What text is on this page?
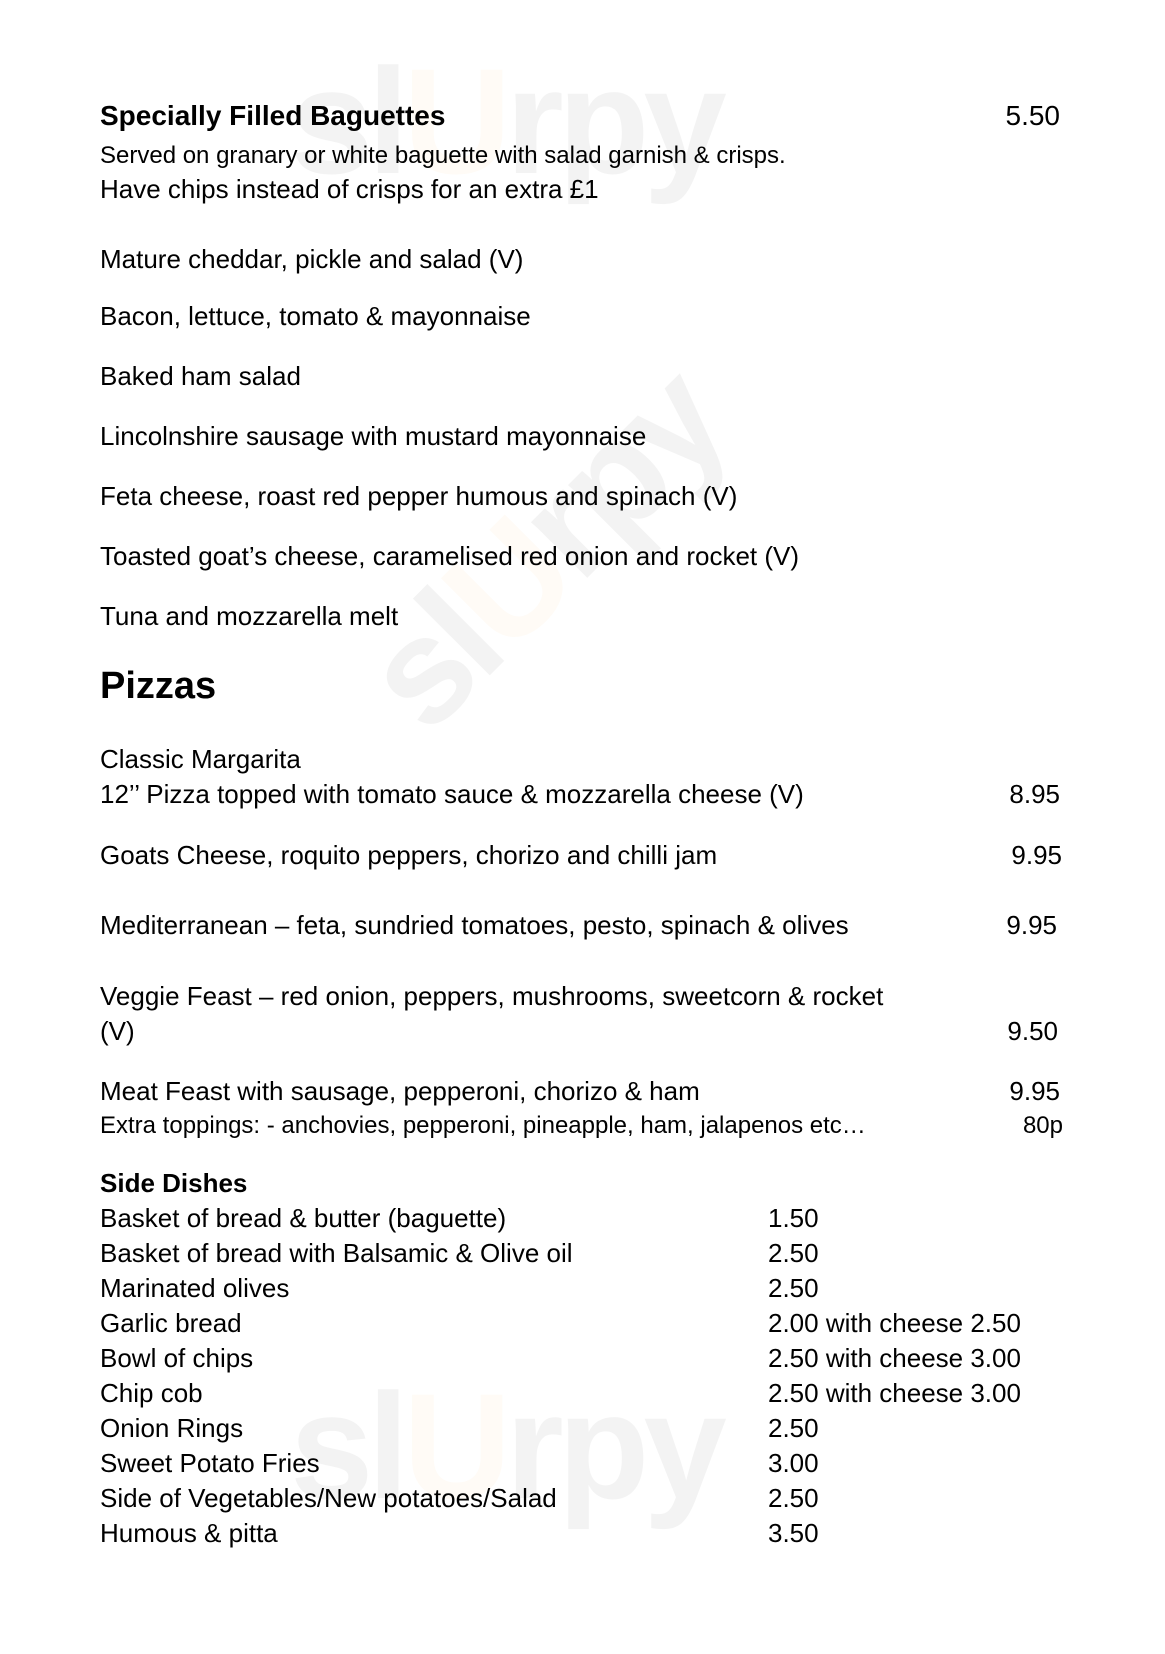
Specially Filled Baguettes	5.50
Served on granary or white baguette with salad garnish & crisps.
Have chips instead of crisps for an extra £1
Mature cheddar, pickle and salad (V)
Bacon, lettuce, tomato & mayonnaise
Baked ham salad
Lincolnshire sausage with mustard mayonnaise
Feta cheese, roast red pepper humous and spinach (V)
Toasted goat’s cheese, caramelised red onion and rocket (V)
Tuna and mozzarella melt
Pizzas
Classic Margarita
12’’ Pizza topped with tomato sauce & mozzarella cheese (V)	8.95
Goats Cheese, roquito peppers, chorizo and chilli jam	9.95
Mediterranean – feta, sundried tomatoes, pesto, spinach & olives	9.95
Veggie Feast – red onion, peppers, mushrooms, sweetcorn & rocket
(V)	9.50
Meat Feast with sausage, pepperoni, chorizo & ham	9.95
Extra toppings: - anchovies, pepperoni, pineapple, ham, jalapenos etc…	80p
Side Dishes
Basket of bread & butter (baguette)	1.50
Basket of bread with Balsamic & Olive oil	2.50
Marinated olives	2.50
Garlic bread	2.00 with cheese 2.50
Bowl of chips	2.50 with cheese 3.00
Chip cob	2.50 with cheese 3.00
Onion Rings	2.50
Sweet Potato Fries	3.00
Side of Vegetables/New potatoes/Salad	2.50
Humous & pitta	3.50
